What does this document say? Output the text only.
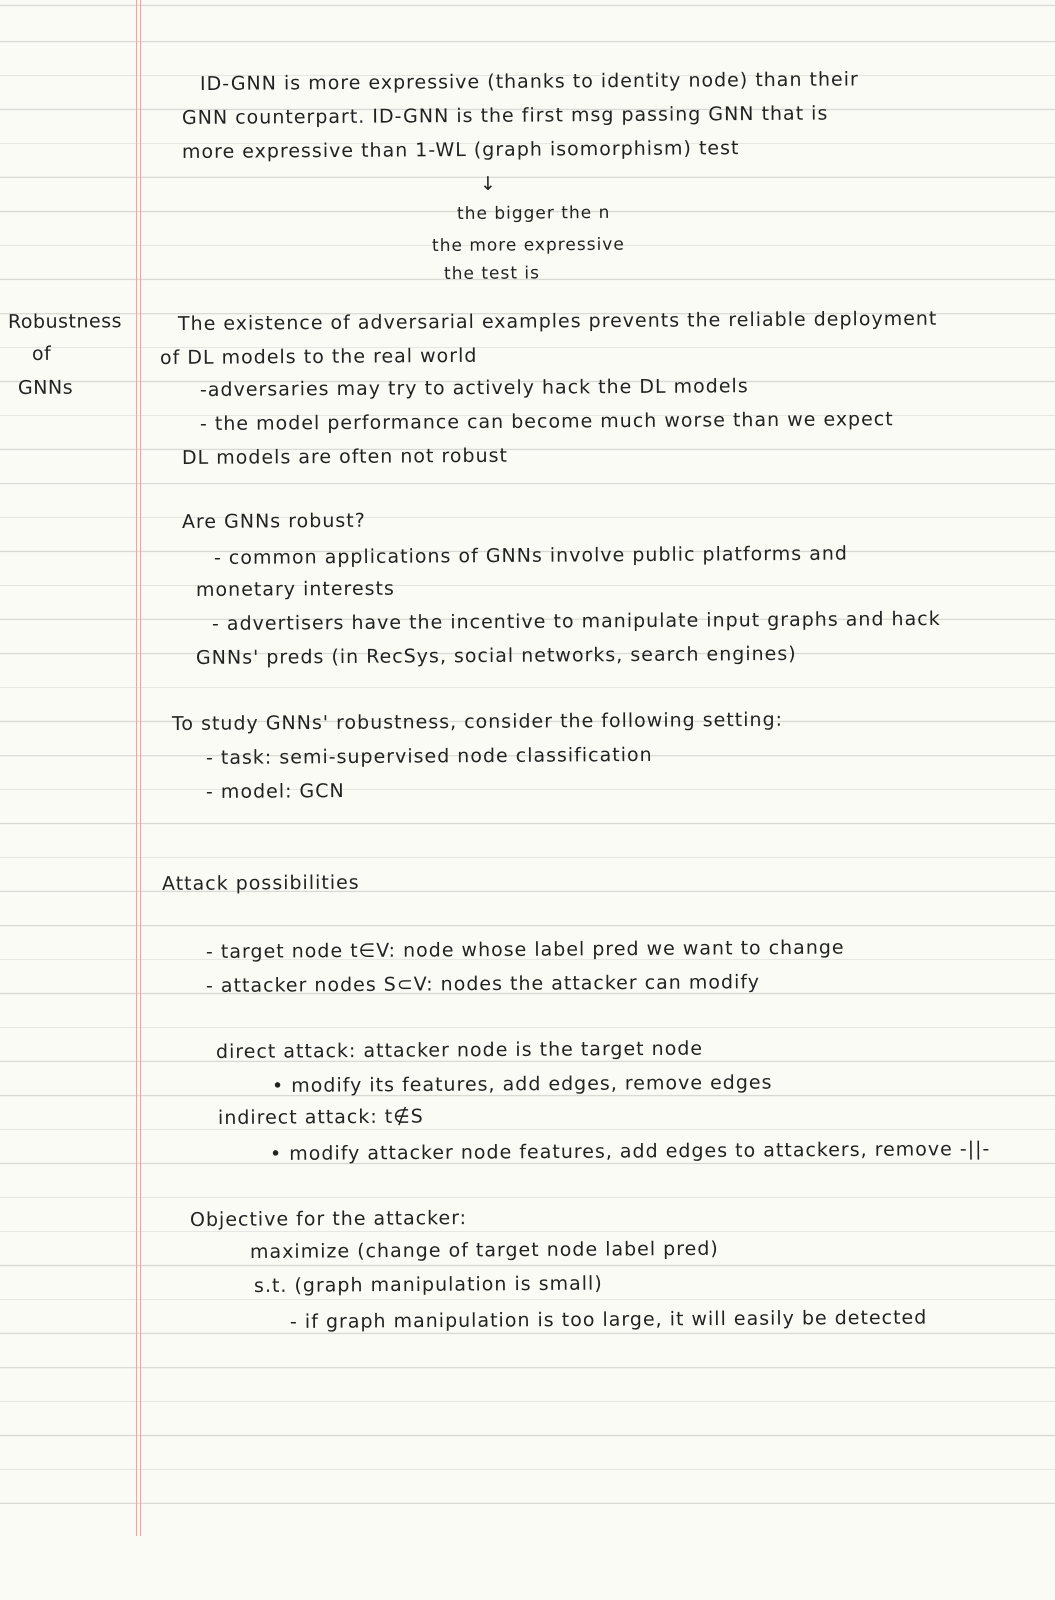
ID-GNN is more expressive (thanks to identity node) than their
GNN counterpart. ID-GNN is the first msg passing GNN that is
more expressive than 1-WL (graph isomorphism) test
↓
the bigger the n
the more expressive
the test is
Robustness
of
GNNs
The existence of adversarial examples prevents the reliable deployment
of DL models to the real world
-adversaries may try to actively hack the DL models
- the model performance can become much worse than we expect
DL models are often not robust
Are GNNs robust?
- common applications of GNNs involve public platforms and
monetary interests
- advertisers have the incentive to manipulate input graphs and hack
GNNs' preds (in RecSys, social networks, search engines)
To study GNNs' robustness, consider the following setting:
- task: semi-supervised node classification
- model: GCN
Attack possibilities
- target node t∈V: node whose label pred we want to change
- attacker nodes S⊂V: nodes the attacker can modify
direct attack: attacker node is the target node
• modify its features, add edges, remove edges
indirect attack: t∉S
• modify attacker node features, add edges to attackers, remove -||-
Objective for the attacker:
maximize (change of target node label pred)
s.t. (graph manipulation is small)
- if graph manipulation is too large, it will easily be detected
